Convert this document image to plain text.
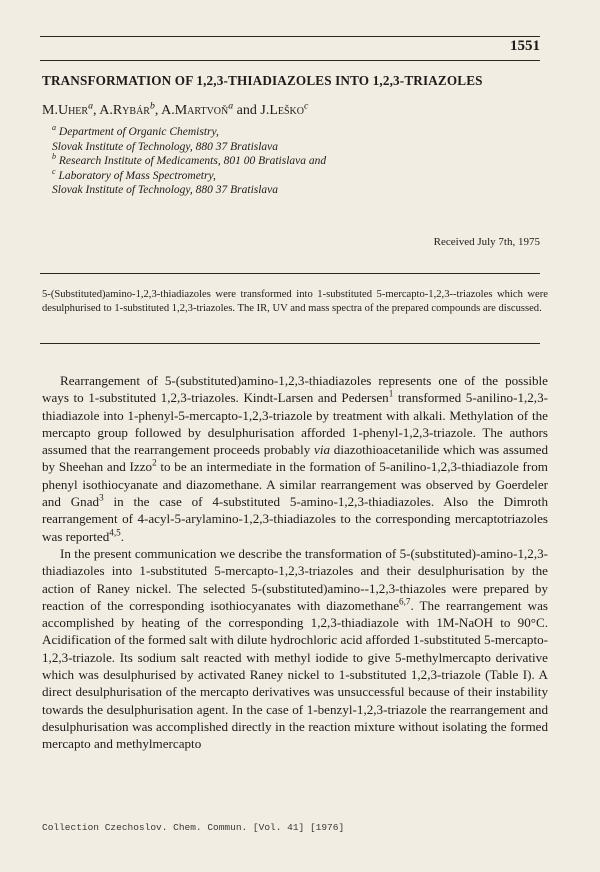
1551
TRANSFORMATION OF 1,2,3-THIADIAZOLES INTO 1,2,3-TRIAZOLES
M.Uher$^a$, A.Rybár$^b$, A.Martvoň$^a$ and J.Leško$^c$
$^a$ Department of Organic Chemistry,
Slovak Institute of Technology, 880 37 Bratislava
$^b$ Research Institute of Medicaments, 801 00 Bratislava and
$^c$ Laboratory of Mass Spectrometry,
Slovak Institute of Technology, 880 37 Bratislava
Received July 7th, 1975
5-(Substituted)amino-1,2,3-thiadiazoles were transformed into 1-substituted 5-mercapto-1,2,3--triazoles which were desulphurised to 1-substituted 1,2,3-triazoles. The IR, UV and mass spectra of the prepared compounds are discussed.

Rearrangement of 5-(substituted)amino-1,2,3-thiadiazoles represents one of the possible ways to 1-substituted 1,2,3-triazoles. Kindt-Larsen and Pedersen$^1$ transformed 5-anilino-1,2,3-thiadiazole into 1-phenyl-5-mercapto-1,2,3-triazole by treatment with alkali. Methylation of the mercapto group followed by desulphurisation afforded 1-phenyl-1,2,3-triazole. The authors assumed that the rearrangement proceeds probably via diazothioacetanilide which was assumed by Sheehan and Izzo$^2$ to be an intermediate in the formation of 5-anilino-1,2,3-thiadiazole from phenyl isothiocyanate and diazomethane. A similar rearrangement was observed by Goerdeler and Gnad$^3$ in the case of 4-substituted 5-amino-1,2,3-thiadiazoles. Also the Dimroth rearrangement of 4-acyl-5-arylamino-1,2,3-thiadiazoles to the corresponding mercaptotriazoles was reported$^{4,5}$.

In the present communication we describe the transformation of 5-(substituted)-amino-1,2,3-thiadiazoles into 1-substituted 5-mercapto-1,2,3-triazoles and their desulphurisation by the action of Raney nickel. The selected 5-(substituted)amino--1,2,3-thiazoles were prepared by reaction of the corresponding isothiocyanates with diazomethane$^{6,7}$. The rearrangement was accomplished by heating of the corresponding 1,2,3-thiadiazole with 1M-NaOH to 90°C. Acidification of the formed salt with dilute hydrochloric acid afforded 1-substituted 5-mercapto-1,2,3-triazole. Its sodium salt reacted with methyl iodide to give 5-methylmercapto derivative which was desulphurised by activated Raney nickel to 1-substituted 1,2,3-triazole (Table I). A direct desulphurisation of the mercapto derivatives was unsuccessful because of their instability towards the desulphurisation agent. In the case of 1-benzyl-1,2,3-triazole the rearrangement and desulphurisation was accomplished directly in the reaction mixture without isolating the formed mercapto and methylmercapto

Collection Czechoslov. Chem. Commun. [Vol. 41] [1976]
